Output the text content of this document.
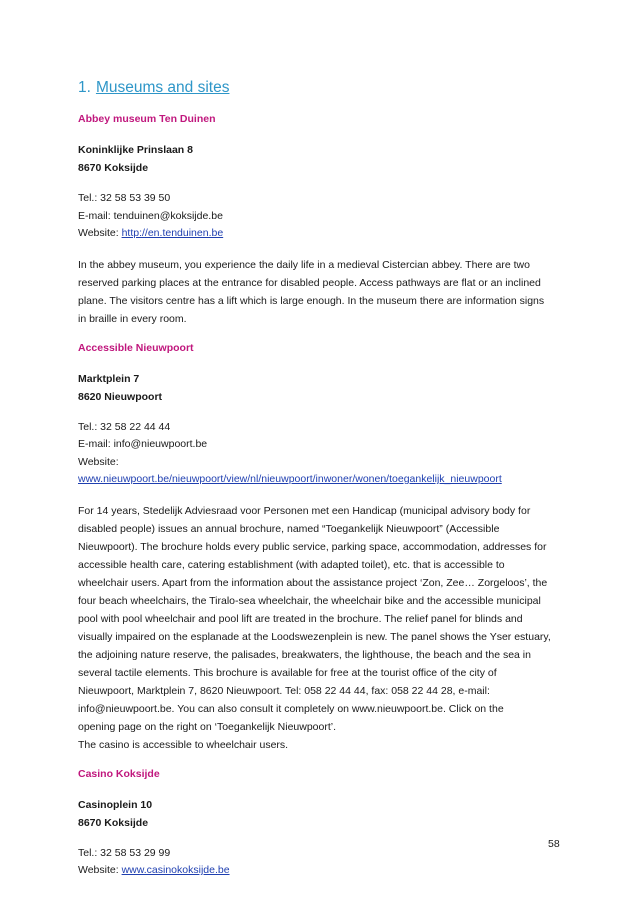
1. Museums and sites
Abbey museum Ten Duinen
Koninklijke Prinslaan 8
8670 Koksijde
Tel.: 32 58 53 39 50
E-mail: tenduinen@koksijde.be
Website: http://en.tenduinen.be
In the abbey museum, you experience the daily life in a medieval Cistercian abbey. There are two
reserved parking places at the entrance for disabled people. Access pathways are flat or an inclined
plane. The visitors centre has a lift which is large enough. In the museum there are information signs
in braille in every room.
Accessible Nieuwpoort
Marktplein 7
8620 Nieuwpoort
Tel.: 32 58 22 44 44
E-mail: info@nieuwpoort.be
Website:
www.nieuwpoort.be/nieuwpoort/view/nl/nieuwpoort/inwoner/wonen/toegankelijk_nieuwpoort
For 14 years, Stedelijk Adviesraad voor Personen met een Handicap (municipal advisory body for
disabled people) issues an annual brochure, named “Toegankelijk Nieuwpoort” (Accessible
Nieuwpoort). The brochure holds every public service, parking space, accommodation, addresses for
accessible health care, catering establishment (with adapted toilet), etc. that is accessible to
wheelchair users. Apart from the information about the assistance project ‘Zon, Zee… Zorgeloos’, the
four beach wheelchairs, the Tiralo-sea wheelchair, the wheelchair bike and the accessible municipal
pool with pool wheelchair and pool lift are treated in the brochure. The relief panel for blinds and
visually impaired on the esplanade at the Loodswezenplein is new. The panel shows the Yser estuary,
the adjoining nature reserve, the palisades, breakwaters, the lighthouse, the beach and the sea in
several tactile elements. This brochure is available for free at the tourist office of the city of
Nieuwpoort, Marktplein 7, 8620 Nieuwpoort. Tel: 058 22 44 44, fax: 058 22 44 28, e-mail:
info@nieuwpoort.be. You can also consult it completely on www.nieuwpoort.be. Click on the
opening page on the right on ‘Toegankelijk Nieuwpoort’.
The casino is accessible to wheelchair users.
Casino Koksijde
Casinoplein 10
8670 Koksijde
Tel.: 32 58 53 29 99
Website: www.casinokoksijde.be
58
